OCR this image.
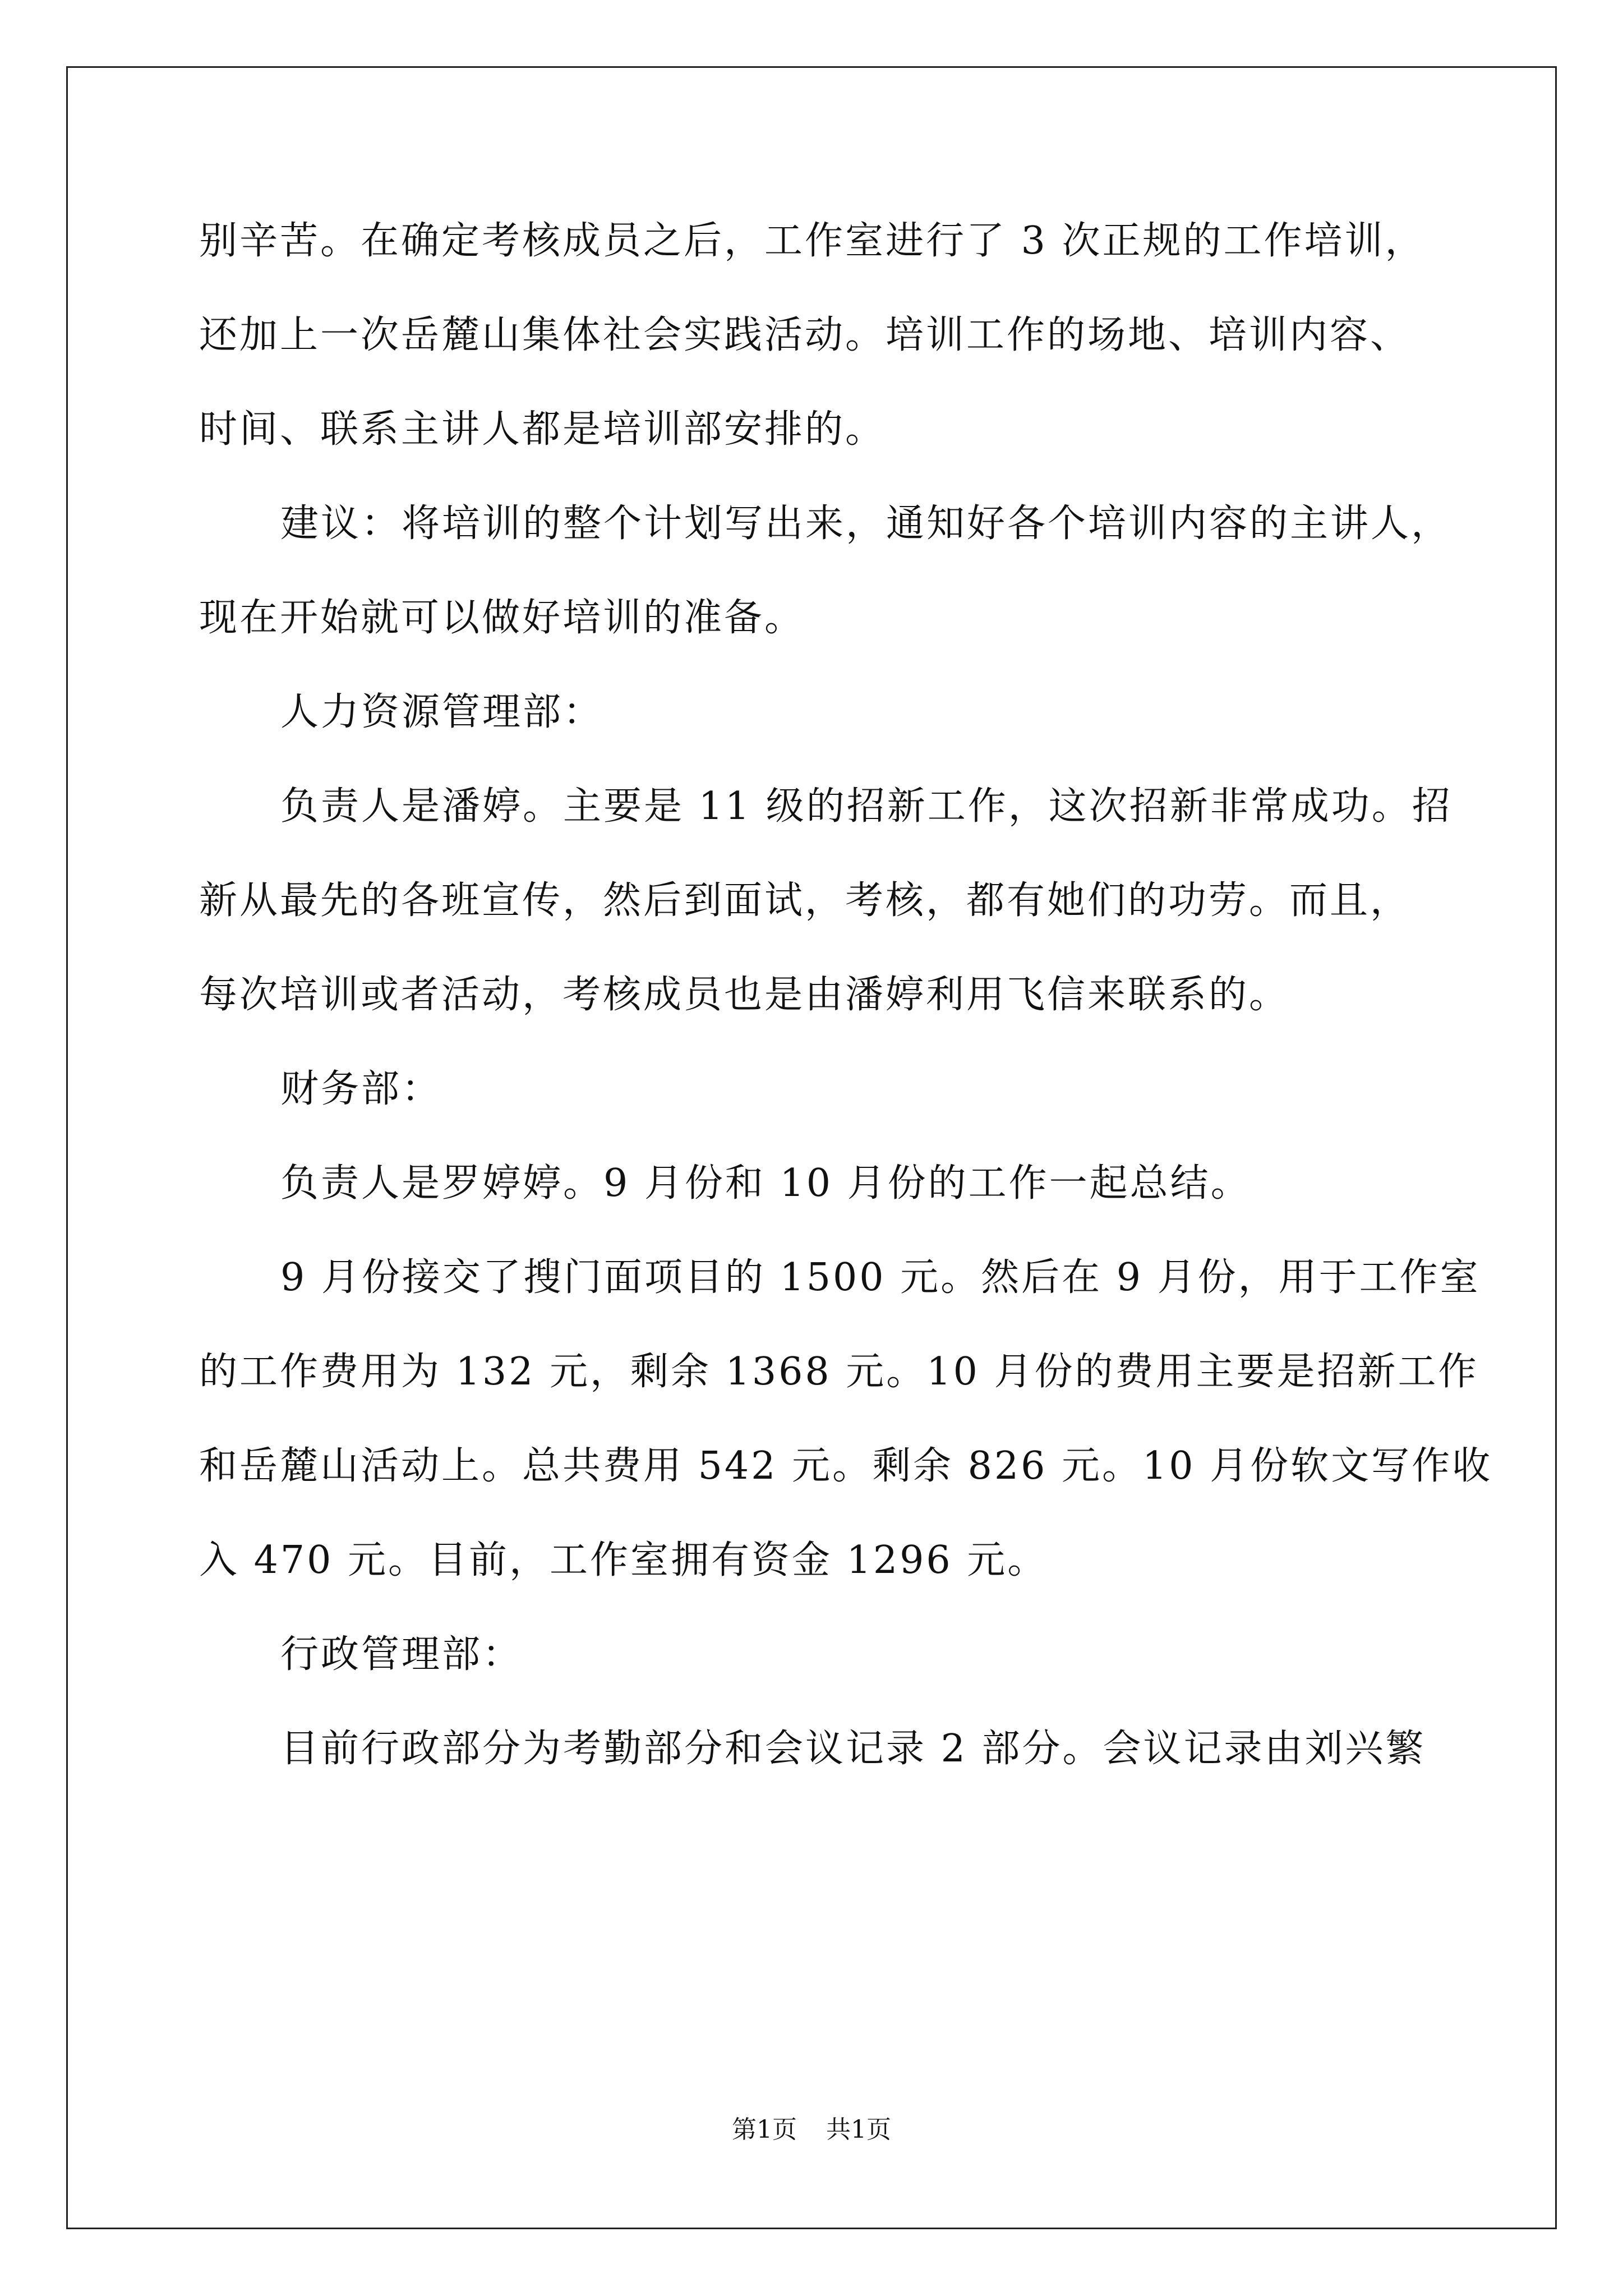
别辛苦。在确定考核成员之后，工作室进行了 3 次正规的工作培训，
还加上一次岳麓山集体社会实践活动。培训工作的场地、培训内容、
时间、联系主讲人都是培训部安排的。
建议：将培训的整个计划写出来，通知好各个培训内容的主讲人，
现在开始就可以做好培训的准备。
人力资源管理部：
负责人是潘婷。主要是 11 级的招新工作，这次招新非常成功。招
新从最先的各班宣传，然后到面试，考核，都有她们的功劳。而且，
每次培训或者活动，考核成员也是由潘婷利用飞信来联系的。
财务部：
负责人是罗婷婷。9 月份和 10 月份的工作一起总结。
9 月份接交了搜门面项目的 1500 元。然后在 9 月份，用于工作室
的工作费用为 132 元，剩余 1368 元。10 月份的费用主要是招新工作
和岳麓山活动上。总共费用 542 元。剩余 826 元。10 月份软文写作收
入 470 元。目前，工作室拥有资金 1296 元。
行政管理部：
目前行政部分为考勤部分和会议记录 2 部分。会议记录由刘兴繁
第1页 共1页
